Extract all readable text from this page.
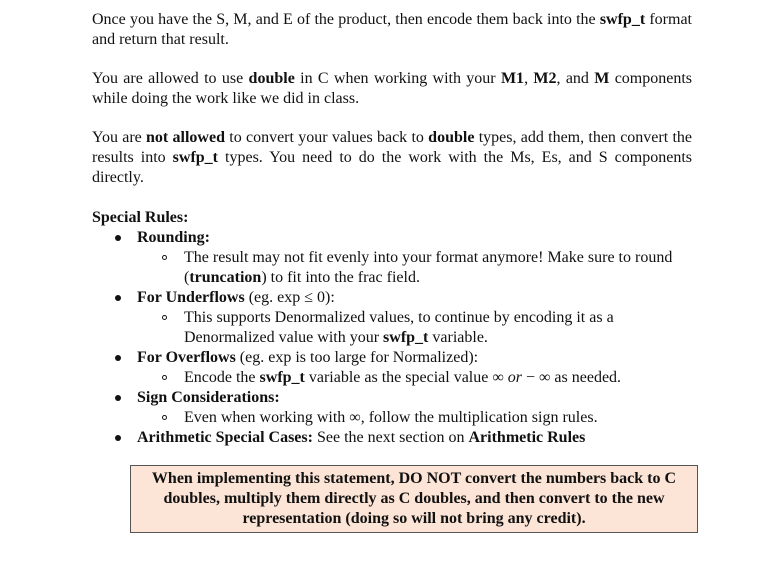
Once you have the S, M, and E of the product, then encode them back into the swfp_t format and return that result.

You are allowed to use double in C when working with your M1, M2, and M components while doing the work like we did in class.

You are not allowed to convert your values back to double types, add them, then convert the results into swfp_t types. You need to do the work with the Ms, Es, and S components directly.

Special Rules:
Rounding:
The result may not fit evenly into your format anymore! Make sure to round (truncation) to fit into the frac field.
For Underflows (eg. exp ≤ 0):
This supports Denormalized values, to continue by encoding it as a Denormalized value with your swfp_t variable.
For Overflows (eg. exp is too large for Normalized):
Encode the swfp_t variable as the special value ∞ or − ∞ as needed.
Sign Considerations:
Even when working with ∞, follow the multiplication sign rules.
Arithmetic Special Cases: See the next section on Arithmetic Rules
When implementing this statement, DO NOT convert the numbers back to C doubles, multiply them directly as C doubles, and then convert to the new representation (doing so will not bring any credit).
